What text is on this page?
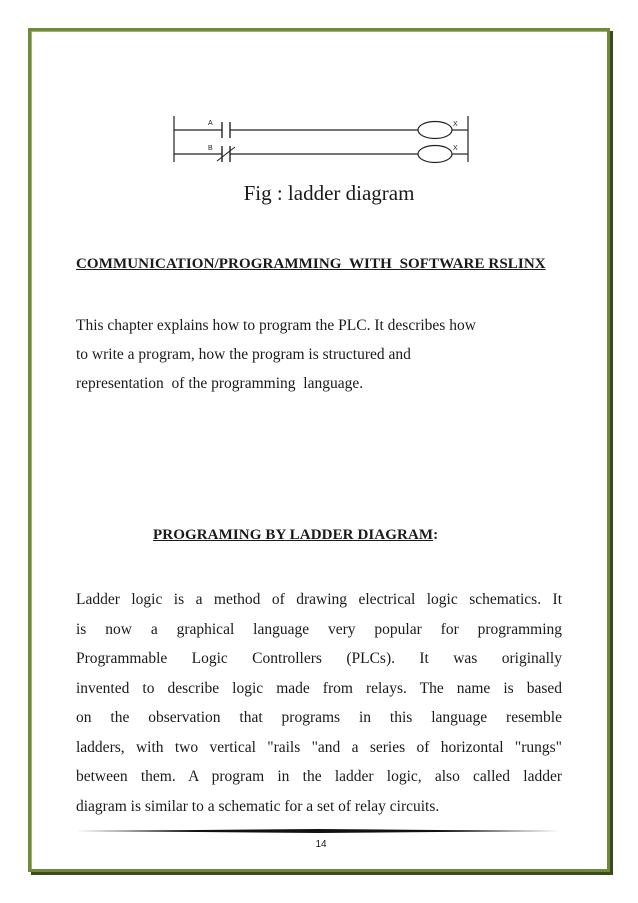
A	X
B	X
Fig : ladder diagram
COMMUNICATION/PROGRAMMING  WITH  SOFTWARE RSLINX
This chapter explains how to program the PLC. It describes how
to write a program, how the program is structured and
representation  of the programming  language.
PROGRAMING BY LADDER DIAGRAM:
Ladder logic is a method of drawing electrical logic schematics. It
is now a graphical language very popular for programming
Programmable Logic Controllers (PLCs). It was originally
invented to describe logic made from relays. The name is based
on the observation that programs in this language resemble
ladders, with two vertical "rails "and a series of horizontal "rungs"
between them. A program in the ladder logic, also called ladder
diagram is similar to a schematic for a set of relay circuits.
14
